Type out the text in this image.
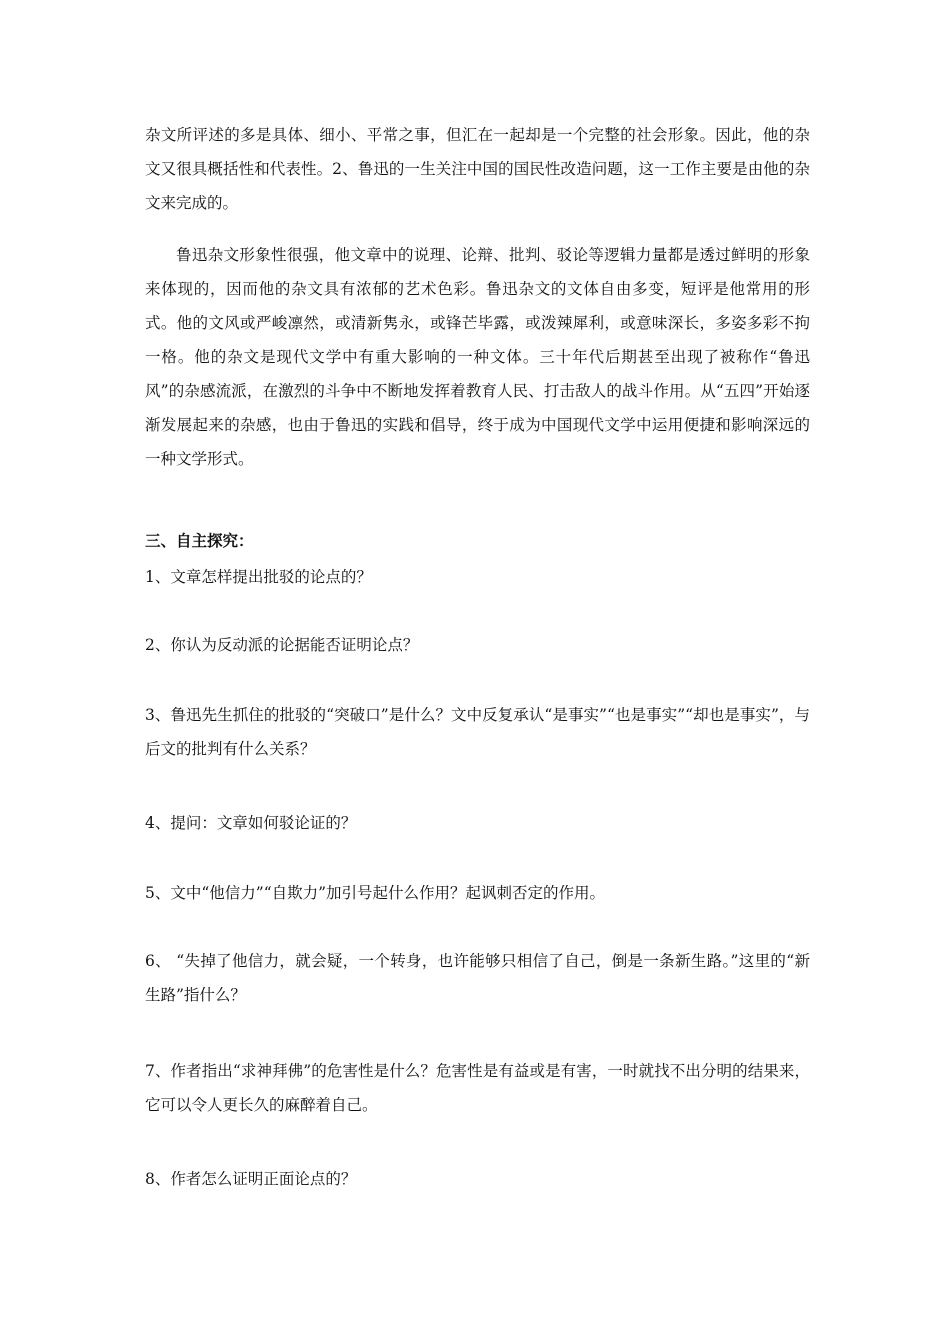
杂文所评述的多是具体、细小、平常之事，但汇在一起却是一个完整的社会形象。因此，他的杂文又很具概括性和代表性。2、鲁迅的一生关注中国的国民性改造问题，这一工作主要是由他的杂文来完成的。

鲁迅杂文形象性很强，他文章中的说理、论辩、批判、驳论等逻辑力量都是透过鲜明的形象来体现的，因而他的杂文具有浓郁的艺术色彩。鲁迅杂文的文体自由多变，短评是他常用的形式。他的文风或严峻凛然，或清新隽永，或锋芒毕露，或泼辣犀利，或意味深长，多姿多彩不拘一格。他的杂文是现代文学中有重大影响的一种文体。三十年代后期甚至出现了被称作“鲁迅风”的杂感流派，在激烈的斗争中不断地发挥着教育人民、打击敌人的战斗作用。从“五四”开始逐渐发展起来的杂感，也由于鲁迅的实践和倡导，终于成为中国现代文学中运用便捷和影响深远的一种文学形式。

三、自主探究：

1、文章怎样提出批驳的论点的？

2、你认为反动派的论据能否证明论点？

3、鲁迅先生抓住的批驳的“突破口”是什么？文中反复承认“是事实”“也是事实”“却也是事实”，与后文的批判有什么关系？

4、提问：文章如何驳论证的？

5、文中“他信力”“自欺力”加引号起什么作用？起讽刺否定的作用。

6、 “失掉了他信力，就会疑，一个转身，也许能够只相信了自己，倒是一条新生路。”这里的“新生路”指什么？

7、作者指出“求神拜佛”的危害性是什么？危害性是有益或是有害，一时就找不出分明的结果来，它可以令人更长久的麻醉着自己。

8、作者怎么证明正面论点的？
